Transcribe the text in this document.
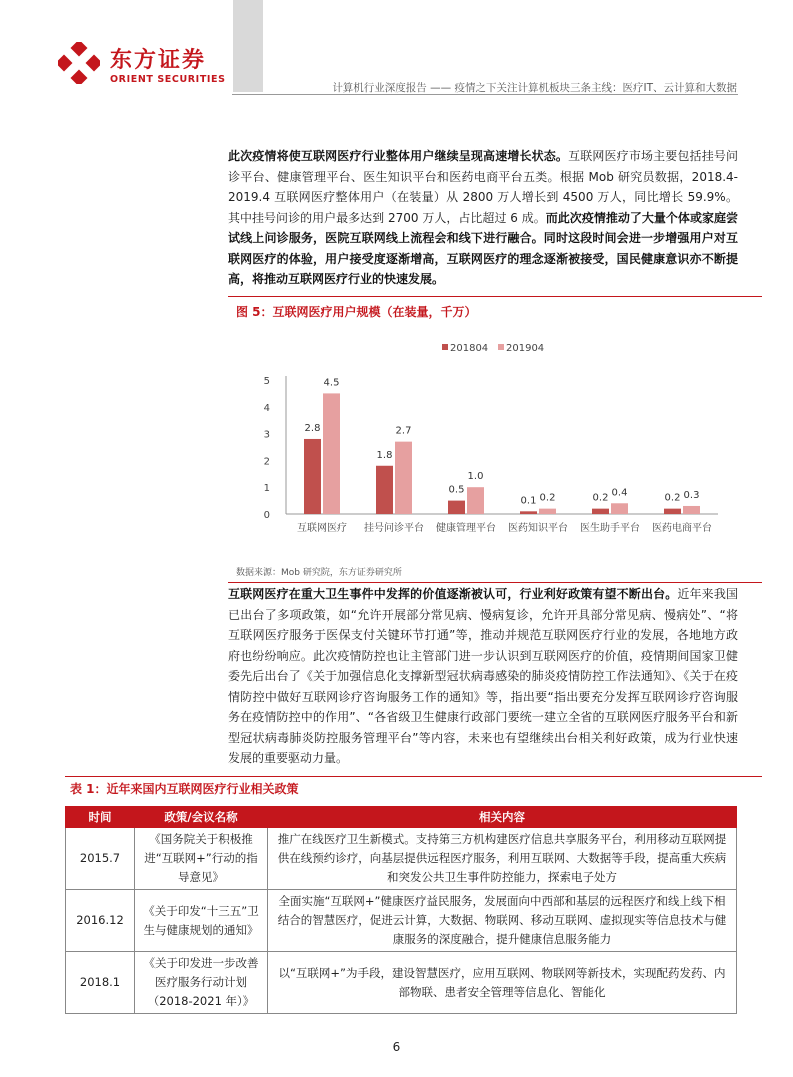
东方证券
ORIENT SECURITIES
计算机行业深度报告 —— 疫情之下关注计算机板块三条主线：医疗IT、云计算和大数据
此次疫情将使互联网医疗行业整体用户继续呈现高速增长状态。互联网医疗市场主要包括挂号问诊平台、健康管理平台、医生知识平台和医药电商平台五类。根据 Mob 研究员数据，2018.4-2019.4 互联网医疗整体用户（在装量）从 2800 万人增长到 4500 万人，同比增长 59.9%。其中挂号问诊的用户最多达到 2700 万人，占比超过 6 成。而此次疫情推动了大量个体或家庭尝试线上问诊服务，医院互联网线上流程会和线下进行融合。同时这段时间会进一步增强用户对互联网医疗的体验，用户接受度逐渐增高，互联网医疗的理念逐渐被接受，国民健康意识亦不断提高，将推动互联网医疗行业的快速发展。
图 5：互联网医疗用户规模（在装量，千万）
201804 201904
0
1
2
3
4
5
2.8
4.5
互联网医疗
1.8
2.7
挂号问诊平台
0.5
1.0
健康管理平台
0.1 0.2
医药知识平台
0.2 0.4
医生助手平台
0.2 0.3
医药电商平台
数据来源：Mob 研究院，东方证券研究所
互联网医疗在重大卫生事件中发挥的价值逐渐被认可，行业利好政策有望不断出台。近年来我国已出台了多项政策，如“允许开展部分常见病、慢病复诊，允许开具部分常见病、慢病处”、“将互联网医疗服务于医保支付关键环节打通”等，推动并规范互联网医疗行业的发展，各地地方政府也纷纷响应。此次疫情防控也让主管部门进一步认识到互联网医疗的价值，疫情期间国家卫健委先后出台了《关于加强信息化支撑新型冠状病毒感染的肺炎疫情防控工作法通知》、《关于在疫情防控中做好互联网诊疗咨询服务工作的通知》等，指出要“指出要充分发挥互联网诊疗咨询服务在疫情防控中的作用”、“各省级卫生健康行政部门要统一建立全省的互联网医疗服务平台和新型冠状病毒肺炎防控服务管理平台”等内容，未来也有望继续出台相关利好政策，成为行业快速发展的重要驱动力量。
表 1：近年来国内互联网医疗行业相关政策
时间	政策/会议名称	相关内容
2015.7	《国务院关于积极推进“互联网+”行动的指导意见》	推广在线医疗卫生新模式。支持第三方机构建医疗信息共享服务平台，利用移动互联网提供在线预约诊疗，向基层提供远程医疗服务，利用互联网、大数据等手段，提高重大疾病和突发公共卫生事件防控能力，探索电子处方
2016.12	《关于印发“十三五”卫生与健康规划的通知》	全面实施“互联网+”健康医疗益民服务，发展面向中西部和基层的远程医疗和线上线下相结合的智慧医疗，促进云计算，大数据、物联网、移动互联网、虚拟现实等信息技术与健康服务的深度融合，提升健康信息服务能力
2018.1	《关于印发进一步改善医疗服务行动计划（2018-2021 年）》	以“互联网+”为手段，建设智慧医疗，应用互联网、物联网等新技术，实现配药发药、内部物联、患者安全管理等信息化、智能化
6
